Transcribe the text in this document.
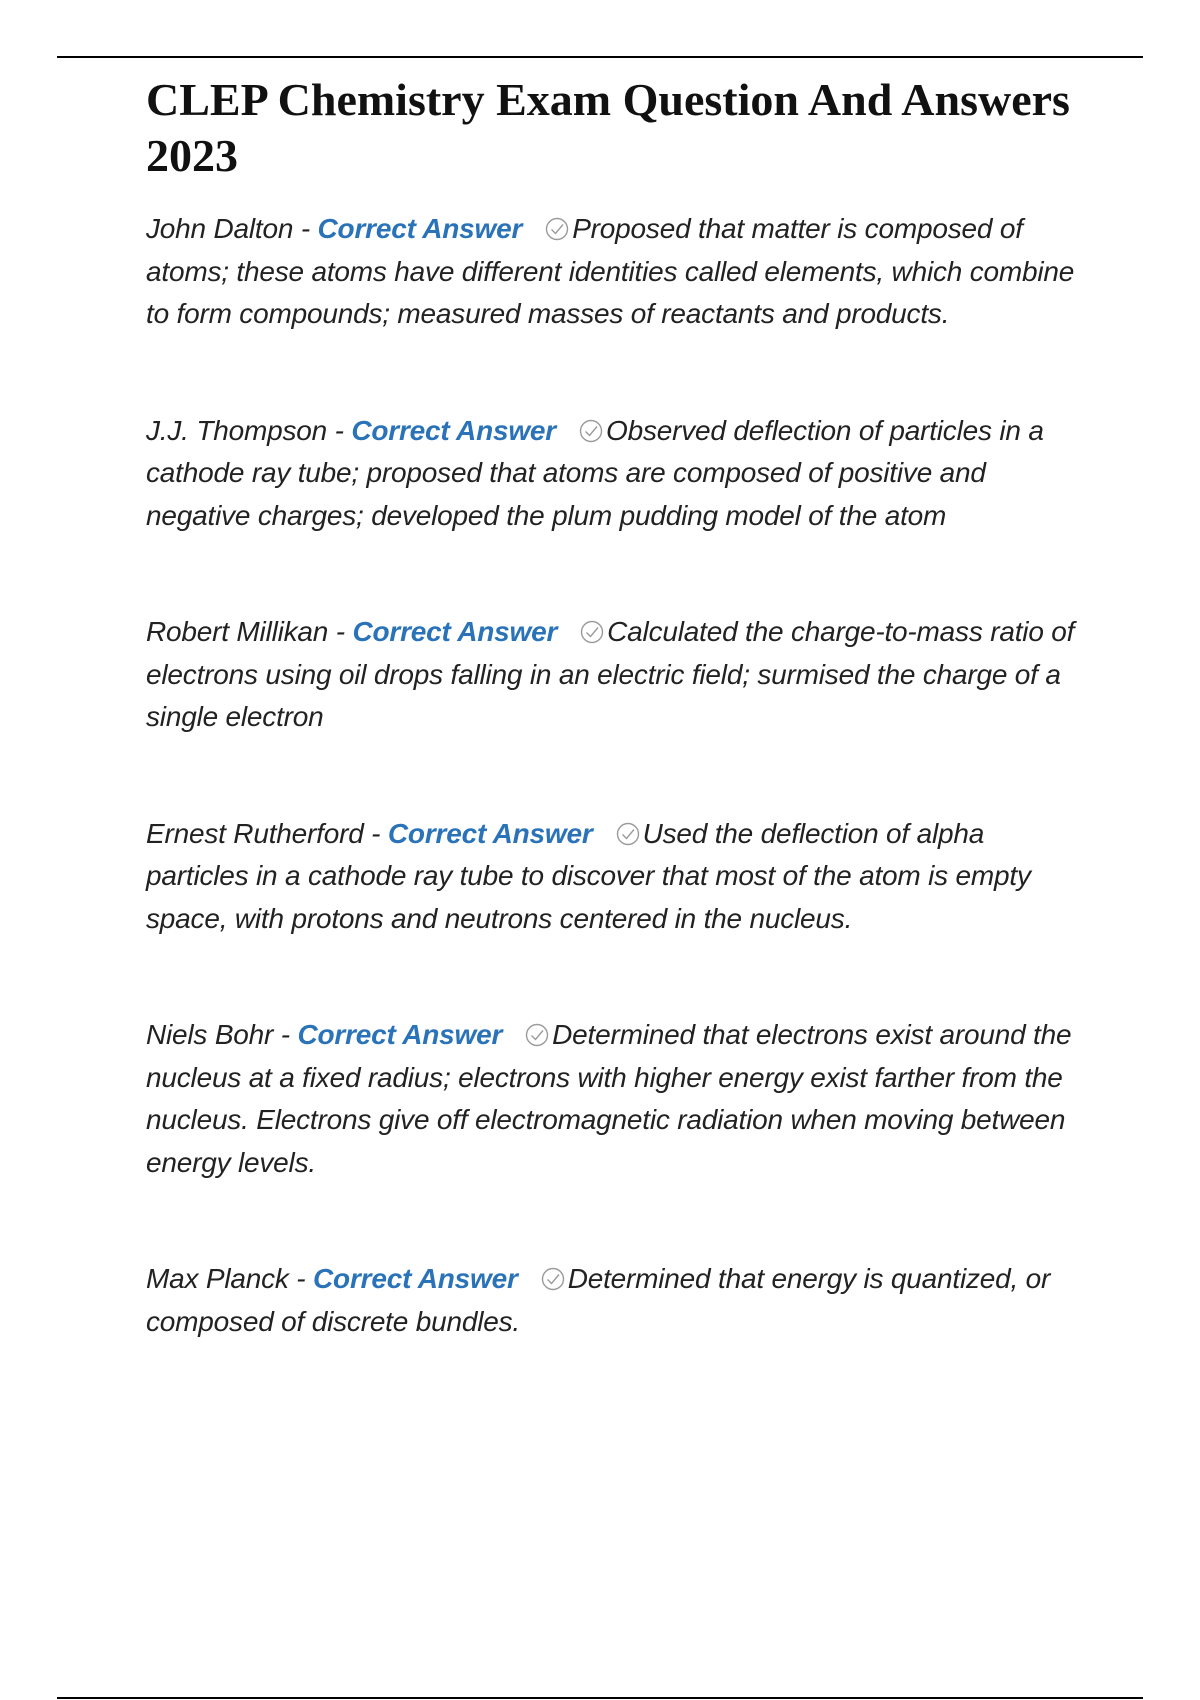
CLEP Chemistry Exam Question And Answers 2023

John Dalton - Correct Answer Proposed that matter is composed of atoms; these atoms have different identities called elements, which combine to form compounds; measured masses of reactants and products.

J.J. Thompson - Correct Answer Observed deflection of particles in a cathode ray tube; proposed that atoms are composed of positive and negative charges; developed the plum pudding model of the atom

Robert Millikan - Correct Answer Calculated the charge-to-mass ratio of electrons using oil drops falling in an electric field; surmised the charge of a single electron

Ernest Rutherford - Correct Answer Used the deflection of alpha particles in a cathode ray tube to discover that most of the atom is empty space, with protons and neutrons centered in the nucleus.

Niels Bohr - Correct Answer Determined that electrons exist around the nucleus at a fixed radius; electrons with higher energy exist farther from the nucleus. Electrons give off electromagnetic radiation when moving between energy levels.

Max Planck - Correct Answer Determined that energy is quantized, or composed of discrete bundles.
